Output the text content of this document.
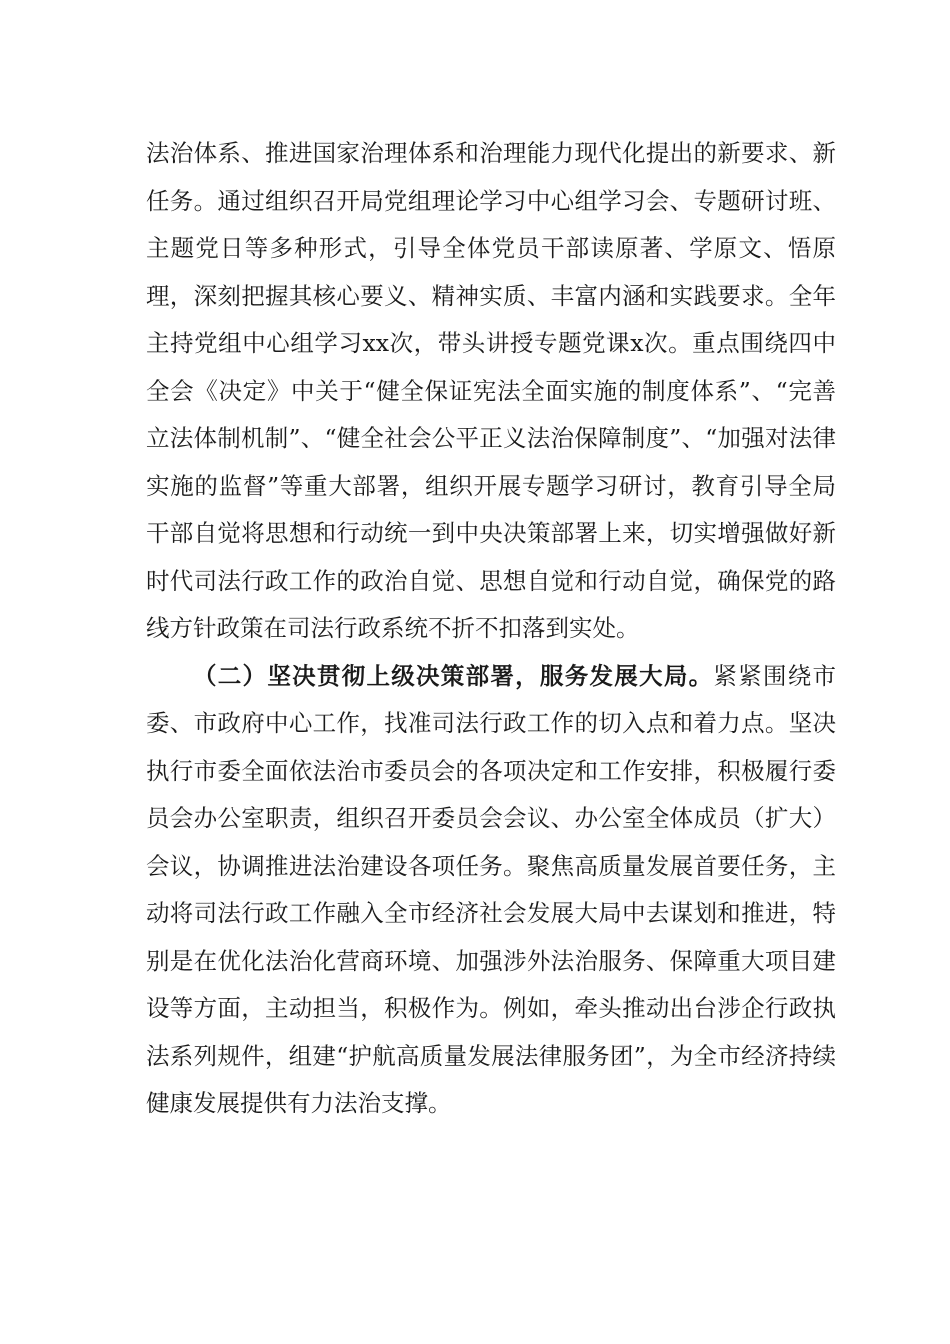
法治体系、推进国家治理体系和治理能力现代化提出的新要求、新任务。通过组织召开局党组理论学习中心组学习会、专题研讨班、主题党日等多种形式，引导全体党员干部读原著、学原文、悟原理，深刻把握其核心要义、精神实质、丰富内涵和实践要求。全年主持党组中心组学习xx次，带头讲授专题党课x次。重点围绕四中全会《决定》中关于“健全保证宪法全面实施的制度体系”、“完善立法体制机制”、“健全社会公平正义法治保障制度”、“加强对法律实施的监督”等重大部署，组织开展专题学习研讨，教育引导全局干部自觉将思想和行动统一到中央决策部署上来，切实增强做好新时代司法行政工作的政治自觉、思想自觉和行动自觉，确保党的路线方针政策在司法行政系统不折不扣落到实处。

（二）坚决贯彻上级决策部署，服务发展大局。紧紧围绕市委、市政府中心工作，找准司法行政工作的切入点和着力点。坚决执行市委全面依法治市委员会的各项决定和工作安排，积极履行委员会办公室职责，组织召开委员会会议、办公室全体成员（扩大）会议，协调推进法治建设各项任务。聚焦高质量发展首要任务，主动将司法行政工作融入全市经济社会发展大局中去谋划和推进，特别是在优化法治化营商环境、加强涉外法治服务、保障重大项目建设等方面，主动担当，积极作为。例如，牵头推动出台涉企行政执法系列规件，组建“护航高质量发展法律服务团”，为全市经济持续健康发展提供有力法治支撑。
